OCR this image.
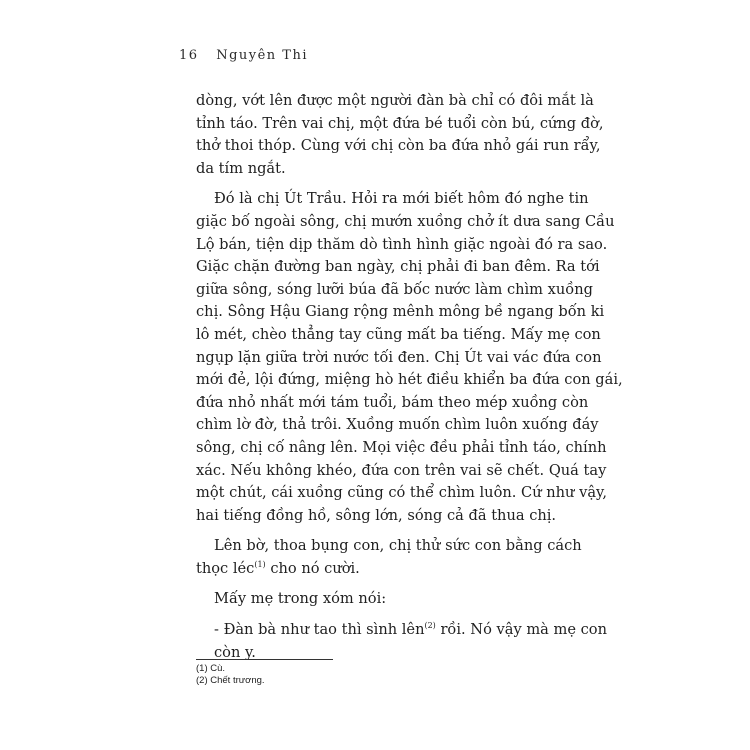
16 Nguyên Thi

dòng, vớt lên được một người đàn bà chỉ có đôi mắt là
tỉnh táo. Trên vai chị, một đứa bé tuổi còn bú, cứng đờ,
thở thoi thóp. Cùng với chị còn ba đứa nhỏ gái run rẩy,
da tím ngắt.

Đó là chị Út Trầu. Hỏi ra mới biết hôm đó nghe tin
giặc bố ngoài sông, chị mướn xuồng chở ít dưa sang Cầu
Lộ bán, tiện dịp thăm dò tình hình giặc ngoài đó ra sao.
Giặc chặn đường ban ngày, chị phải đi ban đêm. Ra tới
giữa sông, sóng lưỡi búa đã bốc nước làm chìm xuồng
chị. Sông Hậu Giang rộng mênh mông bề ngang bốn ki
lô mét, chèo thẳng tay cũng mất ba tiếng. Mấy mẹ con
ngụp lặn giữa trời nước tối đen. Chị Út vai vác đứa con
mới đẻ, lội đứng, miệng hò hét điều khiển ba đứa con gái,
đứa nhỏ nhất mới tám tuổi, bám theo mép xuồng còn
chìm lờ đờ, thả trôi. Xuồng muốn chìm luôn xuống đáy
sông, chị cố nâng lên. Mọi việc đều phải tỉnh táo, chính
xác. Nếu không khéo, đứa con trên vai sẽ chết. Quá tay
một chút, cái xuồng cũng có thể chìm luôn. Cứ như vậy,
hai tiếng đồng hồ, sông lớn, sóng cả đã thua chị.

Lên bờ, thoa bụng con, chị thử sức con bằng cách
thọc léc$^{(1)}$ cho nó cười.

Mấy mẹ trong xóm nói:

- Đàn bà như tao thì sình lên$^{(2)}$ rồi. Nó vậy mà mẹ con
còn y.

(1) Cù.
(2) Chết trương.
